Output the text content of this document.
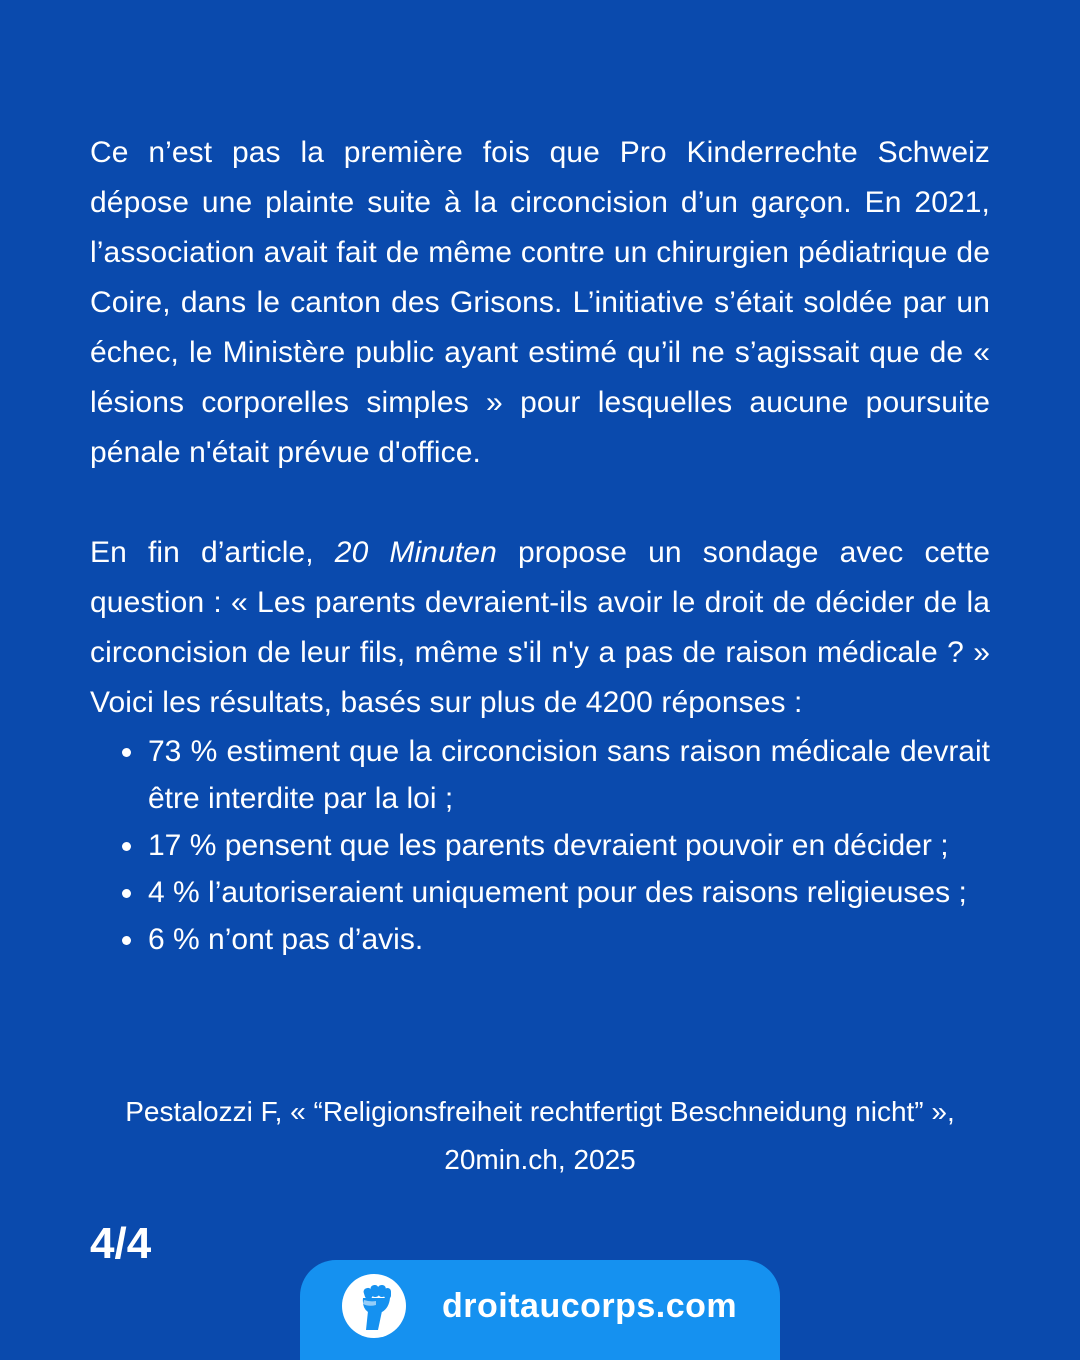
Ce n’est pas la première fois que Pro Kinderrechte Schweiz dépose une plainte suite à la circoncision d’un garçon. En 2021, l’association avait fait de même contre un chirurgien pédiatrique de Coire, dans le canton des Grisons. L’initiative s’était soldée par un échec, le Ministère public ayant estimé qu’il ne s’agissait que de « lésions corporelles simples » pour lesquelles aucune poursuite pénale n'était prévue d'office.

En fin d’article, 20 Minuten propose un sondage avec cette question : « Les parents devraient-ils avoir le droit de décider de la circoncision de leur fils, même s'il n'y a pas de raison médicale ? » Voici les résultats, basés sur plus de 4200 réponses :

73 % estiment que la circoncision sans raison médicale devrait être interdite par la loi ;
17 % pensent que les parents devraient pouvoir en décider ;
4 % l’autoriseraient uniquement pour des raisons religieuses ;
6 % n’ont pas d’avis.
Pestalozzi F, « “Religionsfreiheit rechtfertigt Beschneidung nicht” »,
20min.ch, 2025
4/4
droitaucorps.com
